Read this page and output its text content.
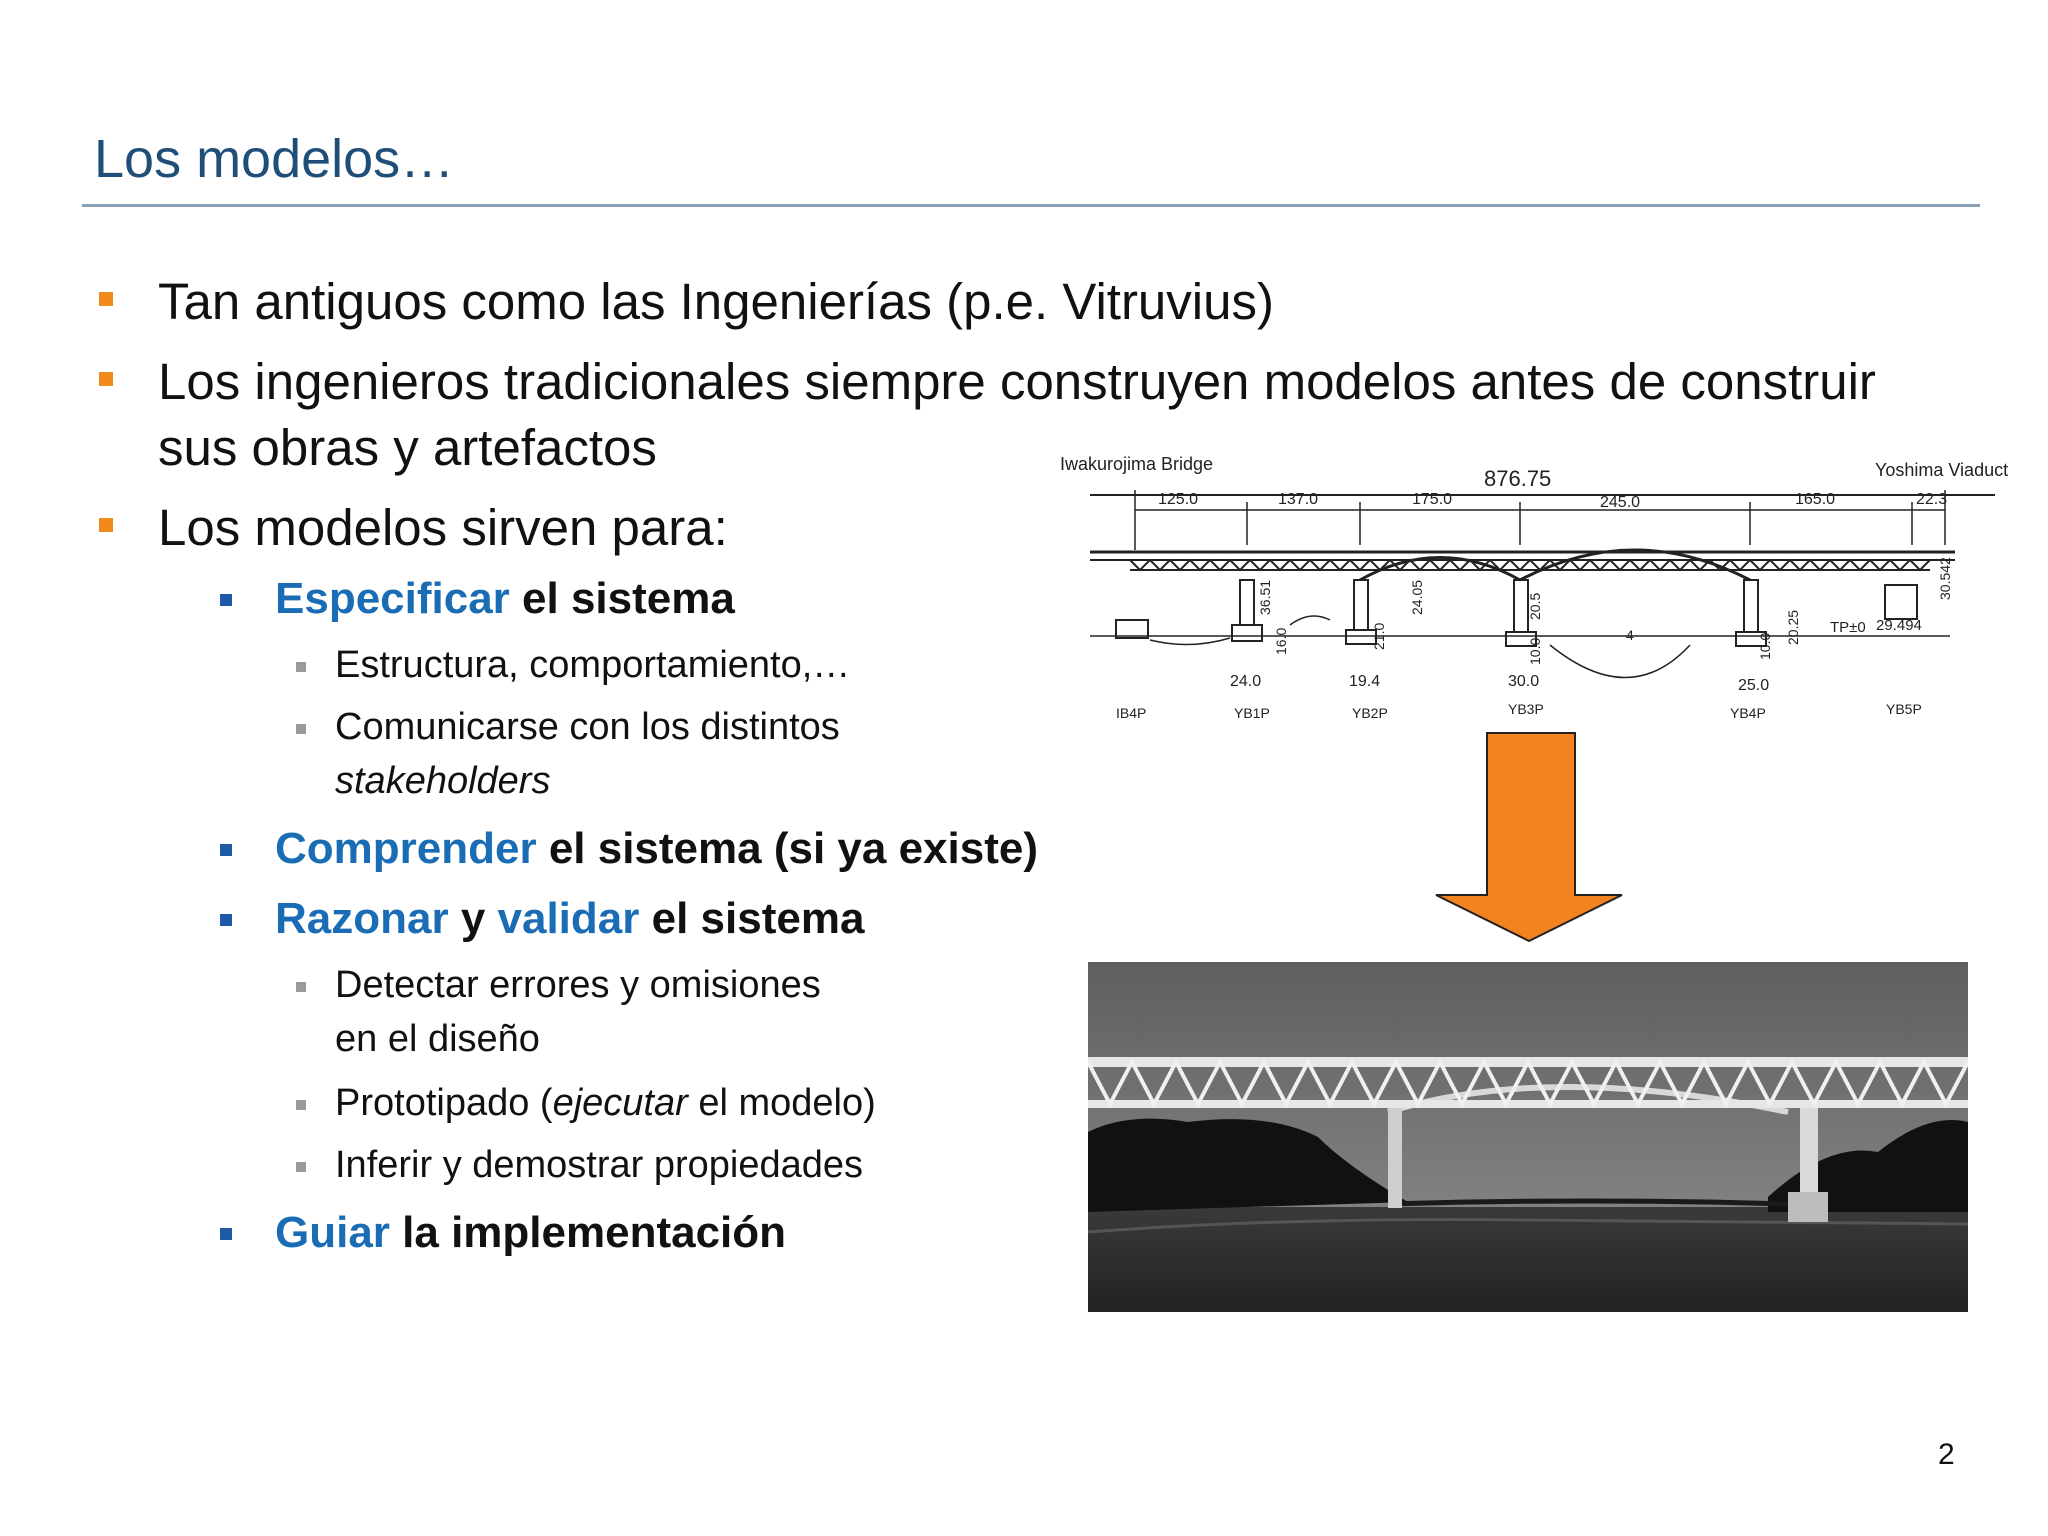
Los modelos…
Tan antiguos como las Ingenierías (p.e. Vitruvius)
Los ingenieros tradicionales siempre construyen modelos antes de construir
sus obras y artefactos
Los modelos sirven para:
Especificar el sistema
Estructura, comportamiento,…
Comunicarse con los distintos
stakeholders
Comprender el sistema (si ya existe)
Razonar y validar el sistema
Detectar errores y omisiones
en el diseño
Prototipado (ejecutar el modelo)
Inferir y demostrar propiedades
Guiar la implementación
Iwakurojima Bridge	Yoshima Viaduct
876.75
125.0	137.0	175.0	245.0	165.0	22.3
36.51
16.0	21.0
24.05	20.5
10.0	10.0
20.25
30.542
4	TP±0 29.494
24.0	19.4	30.0	25.0
IB4P	YB1P	YB2P	YB3P	YB4P	YB5P
2
